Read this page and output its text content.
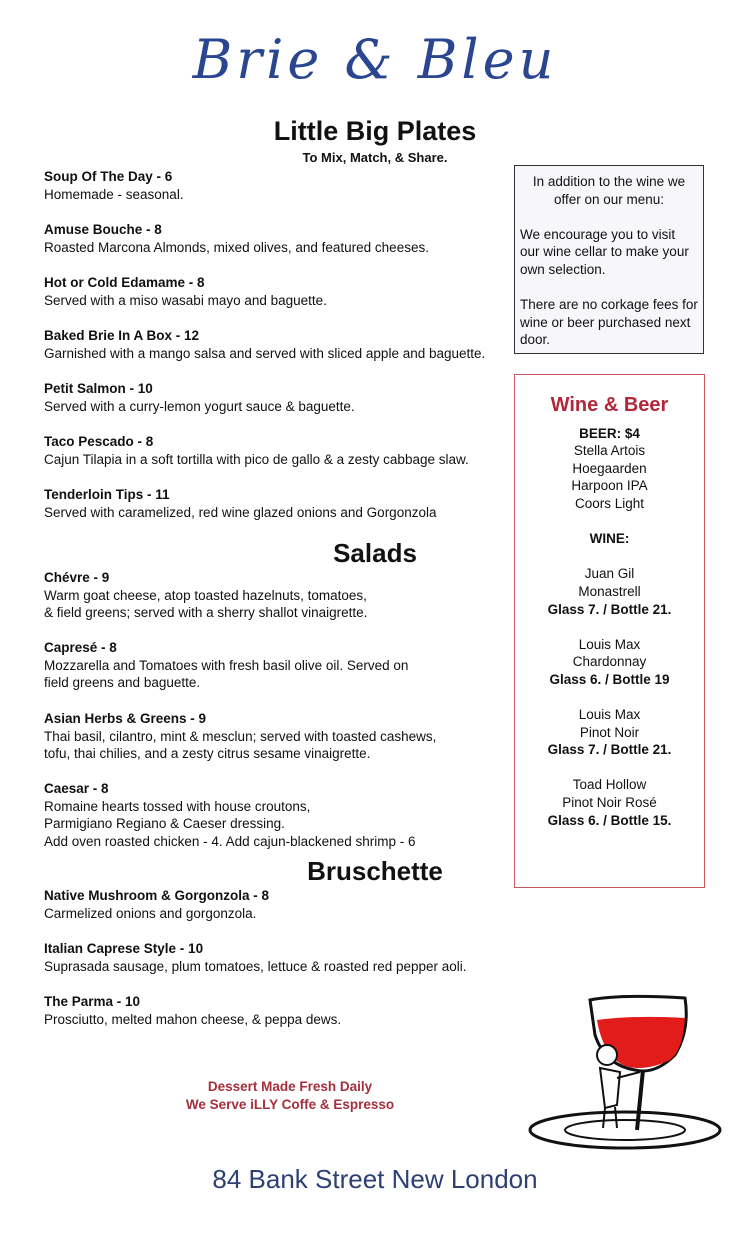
Brie & Bleu
Little Big Plates
To Mix, Match, & Share.
Soup Of The Day - 6
Homemade - seasonal.
Amuse Bouche - 8
Roasted Marcona Almonds, mixed olives, and featured cheeses.
Hot or Cold Edamame - 8
Served with a miso wasabi mayo and baguette.
Baked Brie In A Box - 12
Garnished with a mango salsa and served with sliced apple and baguette.
Petit Salmon - 10
Served with a curry-lemon yogurt sauce & baguette.
Taco Pescado - 8
Cajun Tilapia in a soft tortilla with pico de gallo & a zesty cabbage slaw.
Tenderloin Tips - 11
Served with caramelized, red wine glazed onions and Gorgonzola
Chévre - 9
Warm goat cheese, atop toasted hazelnuts, tomatoes,
& field greens; served with a sherry shallot vinaigrette.
Capresé - 8
Mozzarella and Tomatoes with fresh basil olive oil. Served on
field greens and baguette.
Asian Herbs & Greens - 9
Thai basil, cilantro, mint & mesclun; served with toasted cashews,
tofu, thai chilies, and a zesty citrus sesame vinaigrette.
Caesar - 8
Romaine hearts tossed with house croutons,
Parmigiano Regiano & Caeser dressing.
Add oven roasted chicken - 4. Add cajun-blackened shrimp - 6
Native Mushroom & Gorgonzola - 8
Carmelized onions and gorgonzola.
Italian Caprese Style - 10
Suprasada sausage, plum tomatoes, lettuce & roasted red pepper aoli.
The Parma - 10
Prosciutto, melted mahon cheese, & peppa dews.
Salads
Bruschette

In addition to the wine we offer on our menu:

We encourage you to visit our wine cellar to make your own selection.

There are no corkage fees for wine or beer purchased next door.

Wine & Beer
BEER: $4
Stella Artois
Hoegaarden
Harpoon IPA
Coors Light
WINE:
Juan Gil
Monastrell
Glass 7. / Bottle 21.
Louis Max
Chardonnay
Glass 6. / Bottle 19
Louis Max
Pinot Noir
Glass 7. / Bottle 21.
Toad Hollow
Pinot Noir Rosé
Glass 6. / Bottle 15.
Dessert Made Fresh Daily
We Serve iLLY Coffe & Espresso
84 Bank Street New London
